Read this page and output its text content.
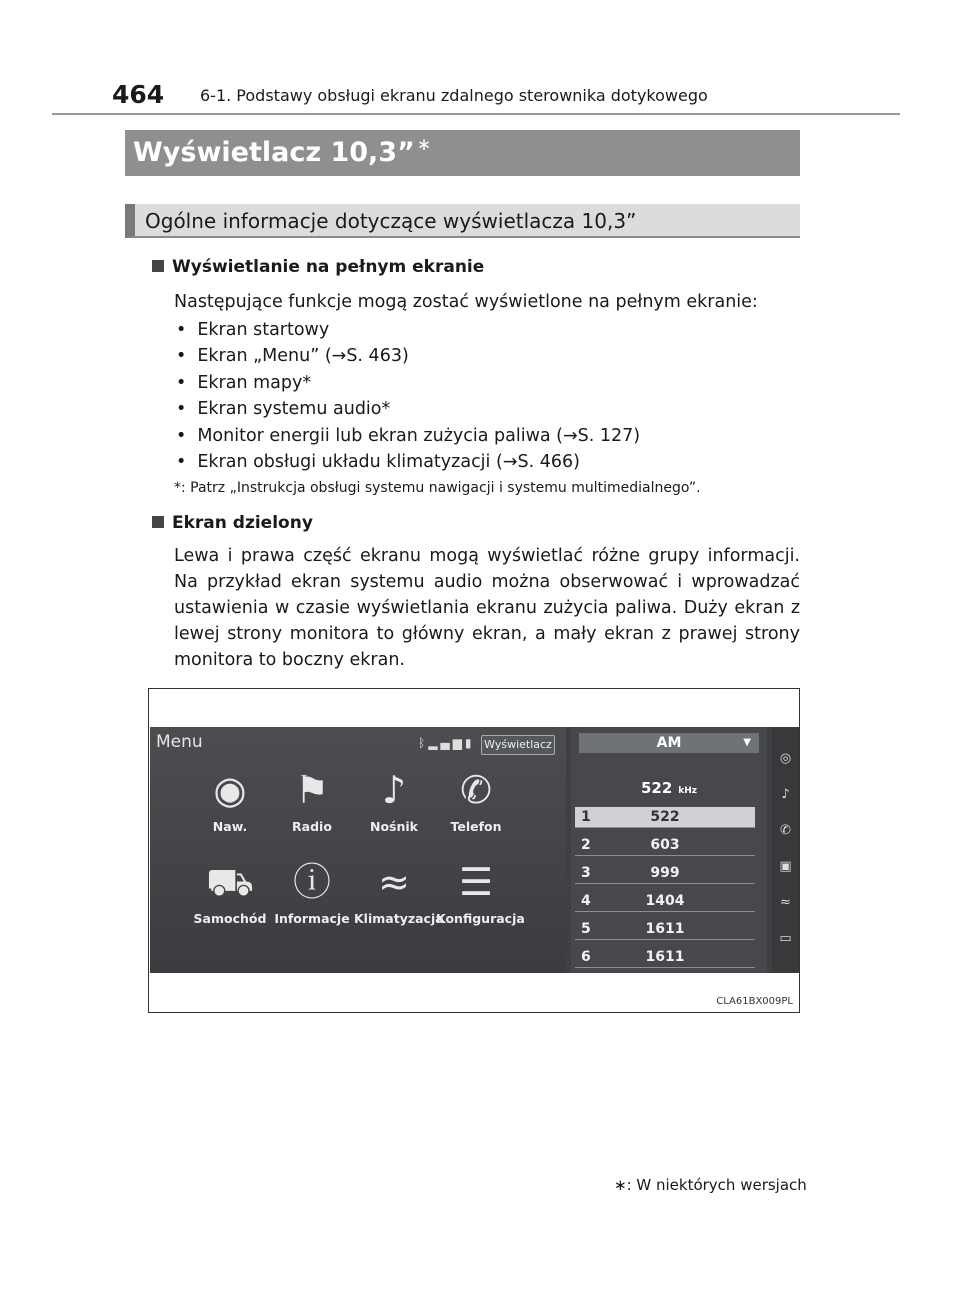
464 6-1. Podstawy obsługi ekranu zdalnego sterownika dotykowego
Wyświetlacz 10,3” ∗
Ogólne informacje dotyczące wyświetlacza 10,3”
Wyświetlanie na pełnym ekranie
Następujące funkcje mogą zostać wyświetlone na pełnym ekranie:
• Ekran startowy
• Ekran „Menu” (→S. 463)
• Ekran mapy*
• Ekran systemu audio*
• Monitor energii lub ekran zużycia paliwa (→S. 127)
• Ekran obsługi układu klimatyzacji (→S. 466)
*: Patrz „Instrukcja obsługi systemu nawigacji i systemu multimedialnego”.
Ekran dzielony
Lewa i prawa część ekranu mogą wyświetlać różne grupy informacji. Na przykład ekran systemu audio można obserwować i wprowadzać ustawienia w czasie wyświetlania ekranu zużycia paliwa. Duży ekran z lewej strony monitora to główny ekran, a mały ekran z prawej strony monitora to boczny ekran.
Menu	ᛒ▂▄▆▮ Wyświetlacz
◉
Naw.
⚑
Radio
♪
Nośnik
✆
Telefon
⛟
Samochód
ⓘ
Informacje
≈
Klimatyzacja
☰
Konfiguracja
AM	▼
522 kHz
522
1
603
2
999
3
1404
4
1611
5
1611
6
◎
♪
✆
▣
≈
▭
CLA61BX009PL
∗: W niektórych wersjach
